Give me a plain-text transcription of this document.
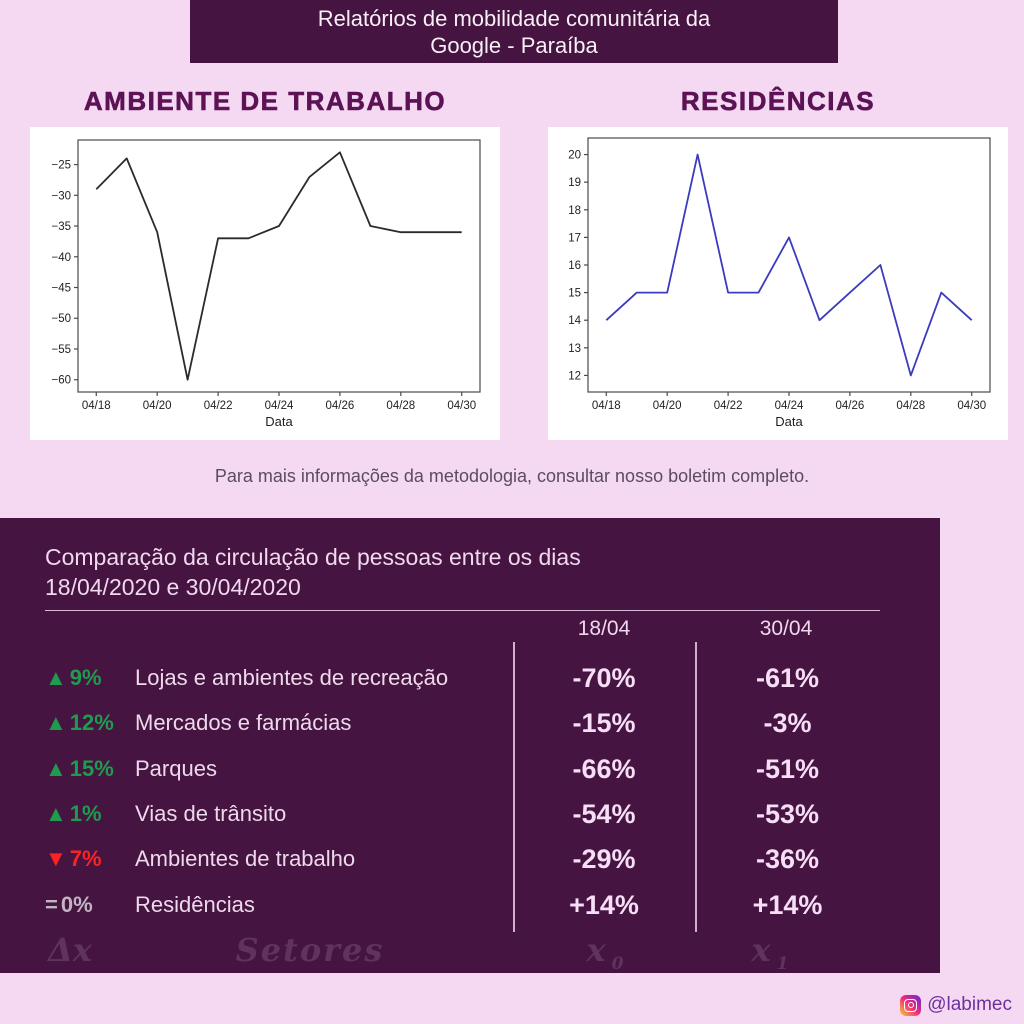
Relatórios de mobilidade comunitária da
Google - Paraíba
AMBIENTE DE TRABALHO	RESIDÊNCIAS
−25
−30
−35
−40
−45
−50
−55
−60
04/18	04/20	04/22	04/24	04/26	04/28	04/30
Data
12
13
14
15
16
17
18
19
20
04/18	04/20	04/22	04/24	04/26	04/28	04/30
Data

Para mais informações da metodologia, consultar nosso boletim completo.

Comparação da circulação de pessoas entre os dias
18/04/2020 e 30/04/2020
18/04	30/04
▲ 9%	Lojas e ambientes de recreação	-70%	-61%
▲ 12% Mercados e farmácias	-15%	-3%
▲ 15% Parques	-66%	-51%
▲ 1%	Vias de trânsito	-54%	-53%
▼ 7%	Ambientes de trabalho	-29%	-36%
= 0%	Residências	+14%	+14%
Δx	Setores	x $_0$	x $_1$
@labimec
